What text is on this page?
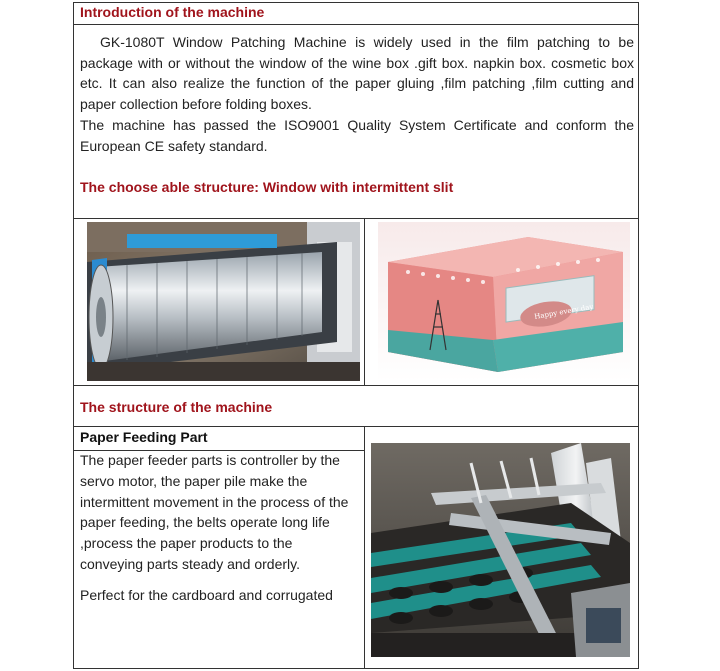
Introduction of the machine
GK-1080T Window Patching Machine is widely used in the film patching to be package with or without the window of the wine box .gift box. napkin box. cosmetic box etc. It can also realize the function of the paper gluing ,film patching ,film cutting and paper collection before folding boxes.
The machine has passed the ISO9001 Quality System Certificate and conform the European CE safety standard.
The choose able structure: Window with intermittent slit
Happy every day
The structure of the machine
Paper Feeding Part

The paper feeder parts is controller by the servo motor, the paper pile make the intermittent movement in the process of the paper feeding, the belts operate long life ,process the paper products to the conveying parts steady and orderly.

Perfect for the cardboard and corrugated
